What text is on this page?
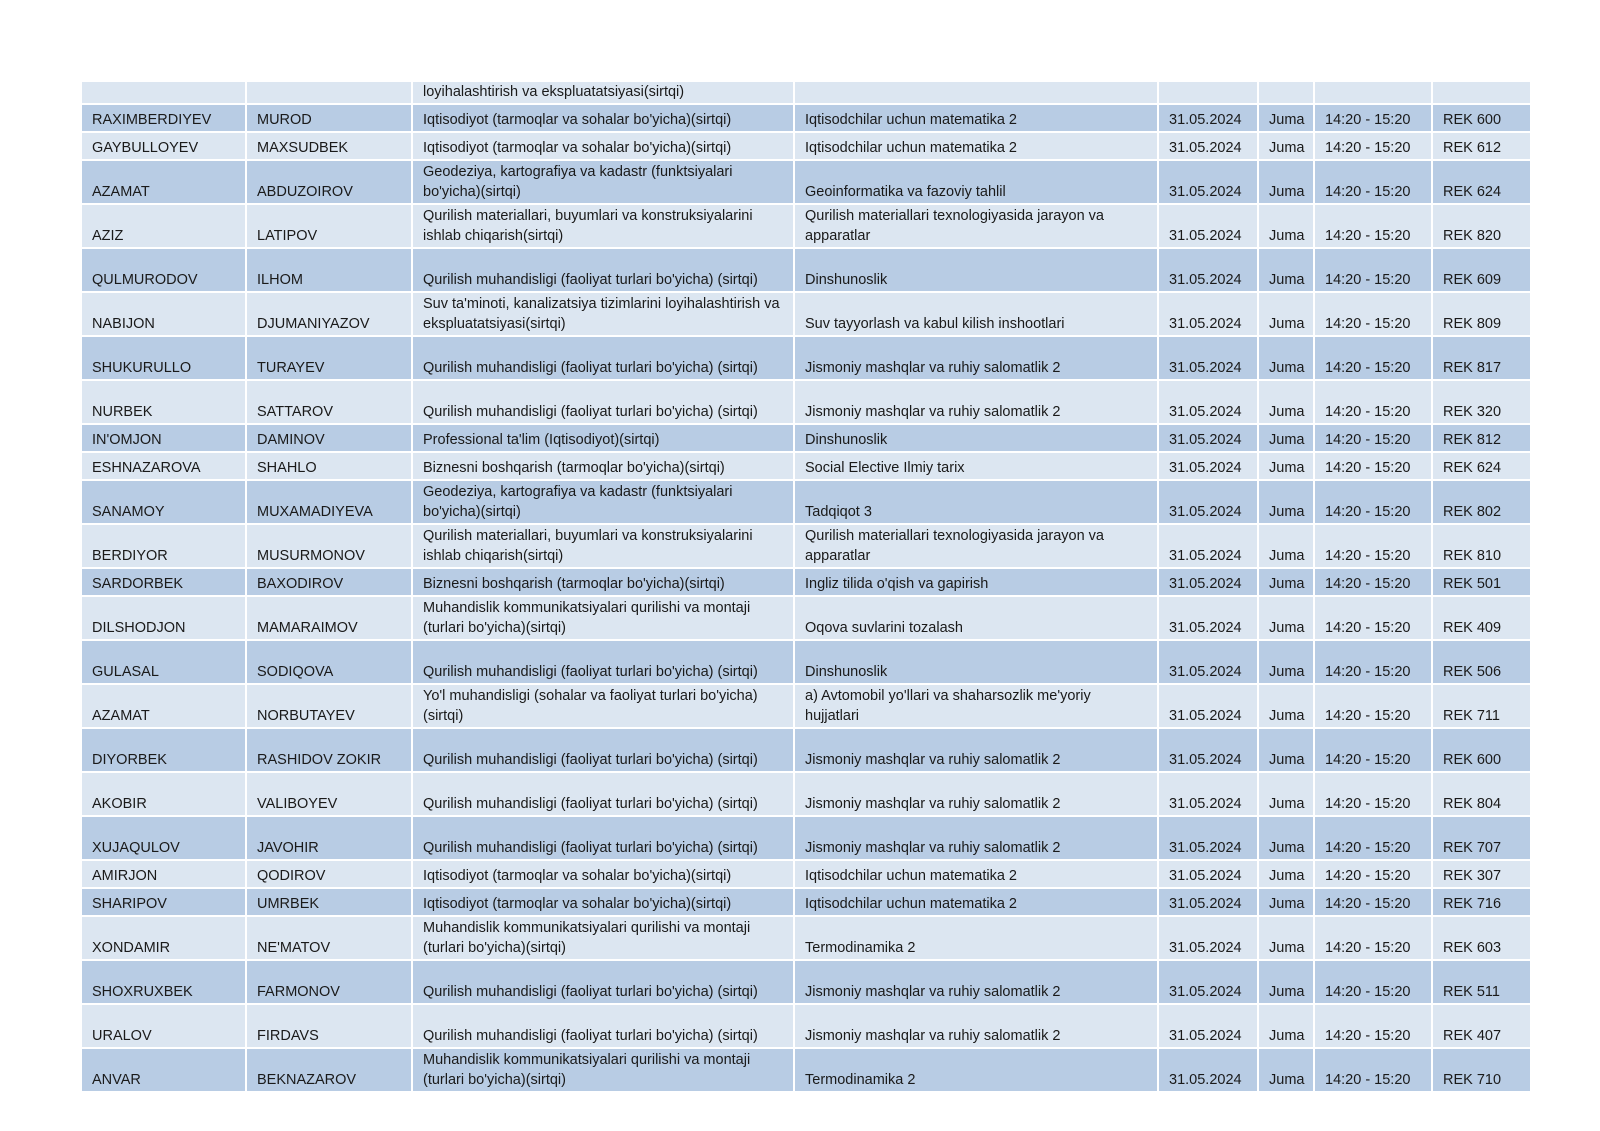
		loyihalashtirish va ekspluatatsiyasi(sirtqi)					
RAXIMBERDIYEV	MUROD	Iqtisodiyot (tarmoqlar va sohalar bo'yicha)(sirtqi)	Iqtisodchilar uchun matematika 2	31.05.2024	Juma	14:20 - 15:20	REK 600
GAYBULLOYEV	MAXSUDBEK	Iqtisodiyot (tarmoqlar va sohalar bo'yicha)(sirtqi)	Iqtisodchilar uchun matematika 2	31.05.2024	Juma	14:20 - 15:20	REK 612
AZAMAT	ABDUZOIROV	Geodeziya, kartografiya va kadastr (funktsiyalari bo'yicha)(sirtqi)	Geoinformatika va fazoviy tahlil	31.05.2024	Juma	14:20 - 15:20	REK 624
AZIZ	LATIPOV	Qurilish materiallari, buyumlari va konstruksiyalarini ishlab chiqarish(sirtqi)	Qurilish materiallari texnologiyasida jarayon va apparatlar	31.05.2024	Juma	14:20 - 15:20	REK 820
QULMURODOV	ILHOM	Qurilish muhandisligi (faoliyat turlari bo'yicha) (sirtqi)	Dinshunoslik	31.05.2024	Juma	14:20 - 15:20	REK 609
NABIJON	DJUMANIYAZOV	Suv ta'minoti, kanalizatsiya tizimlarini loyihalashtirish va ekspluatatsiyasi(sirtqi)	Suv tayyorlash va kabul kilish inshootlari	31.05.2024	Juma	14:20 - 15:20	REK 809
SHUKURULLO	TURAYEV	Qurilish muhandisligi (faoliyat turlari bo'yicha) (sirtqi)	Jismoniy mashqlar va ruhiy salomatlik 2	31.05.2024	Juma	14:20 - 15:20	REK 817
NURBEK	SATTAROV	Qurilish muhandisligi (faoliyat turlari bo'yicha) (sirtqi)	Jismoniy mashqlar va ruhiy salomatlik 2	31.05.2024	Juma	14:20 - 15:20	REK 320
IN'OMJON	DAMINOV	Professional ta'lim (Iqtisodiyot)(sirtqi)	Dinshunoslik	31.05.2024	Juma	14:20 - 15:20	REK 812
ESHNAZAROVA	SHAHLO	Biznesni boshqarish (tarmoqlar bo'yicha)(sirtqi)	Social Elective Ilmiy tarix	31.05.2024	Juma	14:20 - 15:20	REK 624
SANAMOY	MUXAMADIYEVA	Geodeziya, kartografiya va kadastr (funktsiyalari bo'yicha)(sirtqi)	Tadqiqot 3	31.05.2024	Juma	14:20 - 15:20	REK 802
BERDIYOR	MUSURMONOV	Qurilish materiallari, buyumlari va konstruksiyalarini ishlab chiqarish(sirtqi)	Qurilish materiallari texnologiyasida jarayon va apparatlar	31.05.2024	Juma	14:20 - 15:20	REK 810
SARDORBEK	BAXODIROV	Biznesni boshqarish (tarmoqlar bo'yicha)(sirtqi)	Ingliz tilida o'qish va gapirish	31.05.2024	Juma	14:20 - 15:20	REK 501
DILSHODJON	MAMARAIMOV	Muhandislik kommunikatsiyalari qurilishi va montaji (turlari bo'yicha)(sirtqi)	Oqova suvlarini tozalash	31.05.2024	Juma	14:20 - 15:20	REK 409
GULASAL	SODIQOVA	Qurilish muhandisligi (faoliyat turlari bo'yicha) (sirtqi)	Dinshunoslik	31.05.2024	Juma	14:20 - 15:20	REK 506
AZAMAT	NORBUTAYEV	Yo'l muhandisligi (sohalar va faoliyat turlari bo'yicha)(sirtqi)	a) Avtomobil yo'llari va shaharsozlik me'yoriy hujjatlari	31.05.2024	Juma	14:20 - 15:20	REK 711
DIYORBEK	RASHIDOV ZOKIR	Qurilish muhandisligi (faoliyat turlari bo'yicha) (sirtqi)	Jismoniy mashqlar va ruhiy salomatlik 2	31.05.2024	Juma	14:20 - 15:20	REK 600
AKOBIR	VALIBOYEV	Qurilish muhandisligi (faoliyat turlari bo'yicha) (sirtqi)	Jismoniy mashqlar va ruhiy salomatlik 2	31.05.2024	Juma	14:20 - 15:20	REK 804
XUJAQULOV	JAVOHIR	Qurilish muhandisligi (faoliyat turlari bo'yicha) (sirtqi)	Jismoniy mashqlar va ruhiy salomatlik 2	31.05.2024	Juma	14:20 - 15:20	REK 707
AMIRJON	QODIROV	Iqtisodiyot (tarmoqlar va sohalar bo'yicha)(sirtqi)	Iqtisodchilar uchun matematika 2	31.05.2024	Juma	14:20 - 15:20	REK 307
SHARIPOV	UMRBEK	Iqtisodiyot (tarmoqlar va sohalar bo'yicha)(sirtqi)	Iqtisodchilar uchun matematika 2	31.05.2024	Juma	14:20 - 15:20	REK 716
XONDAMIR	NE'MATOV	Muhandislik kommunikatsiyalari qurilishi va montaji (turlari bo'yicha)(sirtqi)	Termodinamika 2	31.05.2024	Juma	14:20 - 15:20	REK 603
SHOXRUXBEK	FARMONOV	Qurilish muhandisligi (faoliyat turlari bo'yicha) (sirtqi)	Jismoniy mashqlar va ruhiy salomatlik 2	31.05.2024	Juma	14:20 - 15:20	REK 511
URALOV	FIRDAVS	Qurilish muhandisligi (faoliyat turlari bo'yicha) (sirtqi)	Jismoniy mashqlar va ruhiy salomatlik 2	31.05.2024	Juma	14:20 - 15:20	REK 407
ANVAR	BEKNAZAROV	Muhandislik kommunikatsiyalari qurilishi va montaji (turlari bo'yicha)(sirtqi)	Termodinamika 2	31.05.2024	Juma	14:20 - 15:20	REK 710
